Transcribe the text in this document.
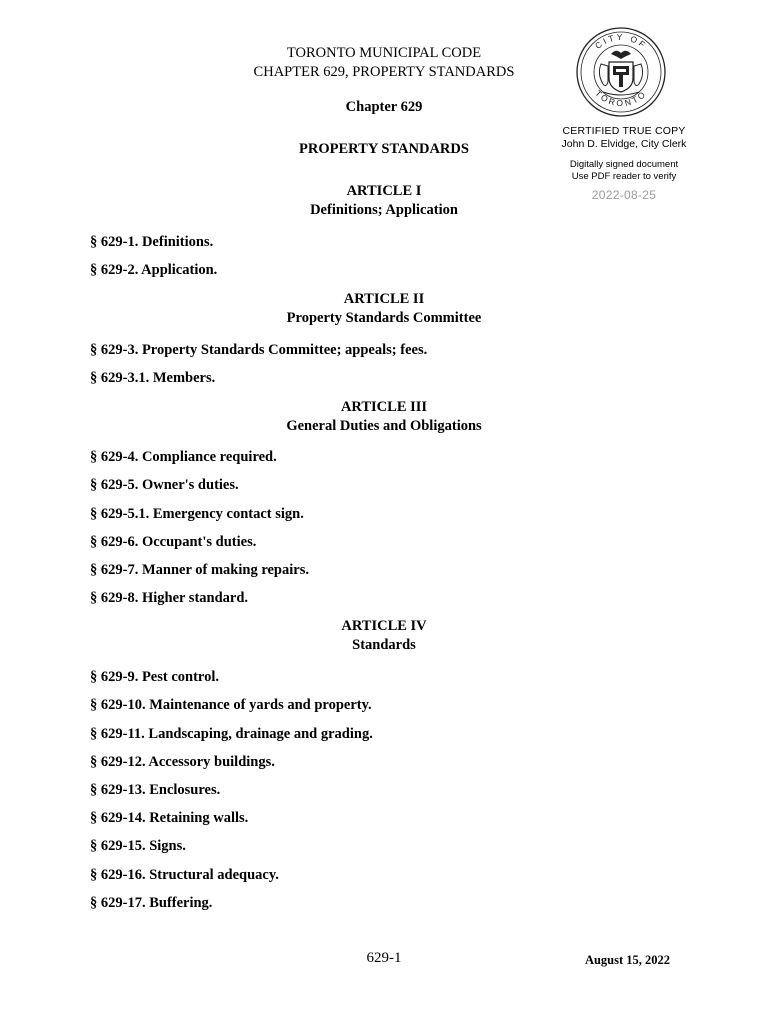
TORONTO MUNICIPAL CODE
CHAPTER 629, PROPERTY STANDARDS
Chapter 629
PROPERTY STANDARDS
CITY OF
TORONTO
CERTIFIED TRUE COPY
John D. Elvidge, City Clerk
Digitally signed document
Use PDF reader to verify
2022-08-25
ARTICLE I
Definitions; Application
§ 629-1. Definitions.
§ 629-2. Application.
ARTICLE II
Property Standards Committee
§ 629-3. Property Standards Committee; appeals; fees.
§ 629-3.1. Members.
ARTICLE III
General Duties and Obligations
§ 629-4. Compliance required.
§ 629-5. Owner's duties.
§ 629-5.1. Emergency contact sign.
§ 629-6. Occupant's duties.
§ 629-7. Manner of making repairs.
§ 629-8. Higher standard.
ARTICLE IV
Standards
§ 629-9. Pest control.
§ 629-10. Maintenance of yards and property.
§ 629-11. Landscaping, drainage and grading.
§ 629-12. Accessory buildings.
§ 629-13. Enclosures.
§ 629-14. Retaining walls.
§ 629-15. Signs.
§ 629-16. Structural adequacy.
§ 629-17. Buffering.
629-1	August 15, 2022
